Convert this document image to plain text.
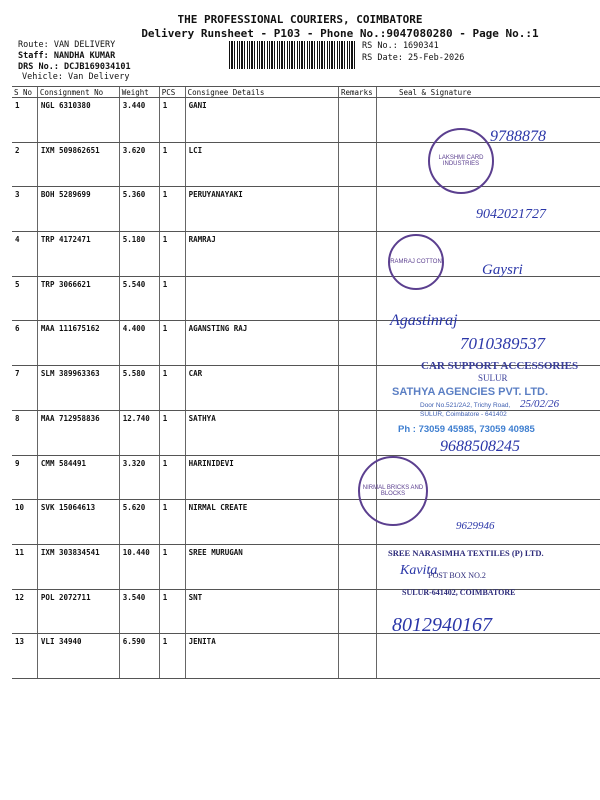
THE PROFESSIONAL COURIERS, COIMBATORE
Delivery Runsheet - P103 - Phone No.:9047080280 - Page No.:1
Route: VAN DELIVERY
Staff: NANDHA KUMAR
DRS No.: DCJB169034101
Vehicle: Van Delivery
RS No.: 1690341
RS Date: 25-Feb-2026
S No	Consignment No	Weight	PCS	Consignee Details	Remarks	Seal & Signature
1	NGL 6310380	3.440	1	GANI		
2	IXM 509862651	3.620	1	LCI		
3	BOH 5289699	5.360	1	PERUYANAYAKI		
4	TRP 4172471	5.180	1	RAMRAJ		
5	TRP 3066621	5.540	1			
6	MAA 111675162	4.400	1	AGANSTING RAJ		
7	SLM 389963363	5.580	1	CAR		
8	MAA 712958836	12.740	1	SATHYA		
9	CMM 584491	3.320	1	HARINIDEVI		
10	SVK 15064613	5.620	1	NIRMAL CREATE		
11	IXM 303834541	10.440	1	SREE MURUGAN		
12	POL 2072711	3.540	1	SNT		
13	VLI 34940	6.590	1	JENITA		
LAKSHMI CARD INDUSTRIES
RAMRAJ COTTON
NIRMAL BRICKS AND BLOCKS
9788878
9042021727
Gaysri
Agastinraj
7010389537
CAR SUPPORT ACCESSORIES
SULUR
SATHYA AGENCIES PVT. LTD.
Door No.521/2A2, Trichy Road,
SULUR, Coimbatore - 641402
Ph : 73059 45985, 73059 40985
25/02/26
9688508245
9629946
SREE NARASIMHA TEXTILES (P) LTD.
Kavita
POST BOX NO.2
SULUR-641402, COIMBATORE
8012940167
